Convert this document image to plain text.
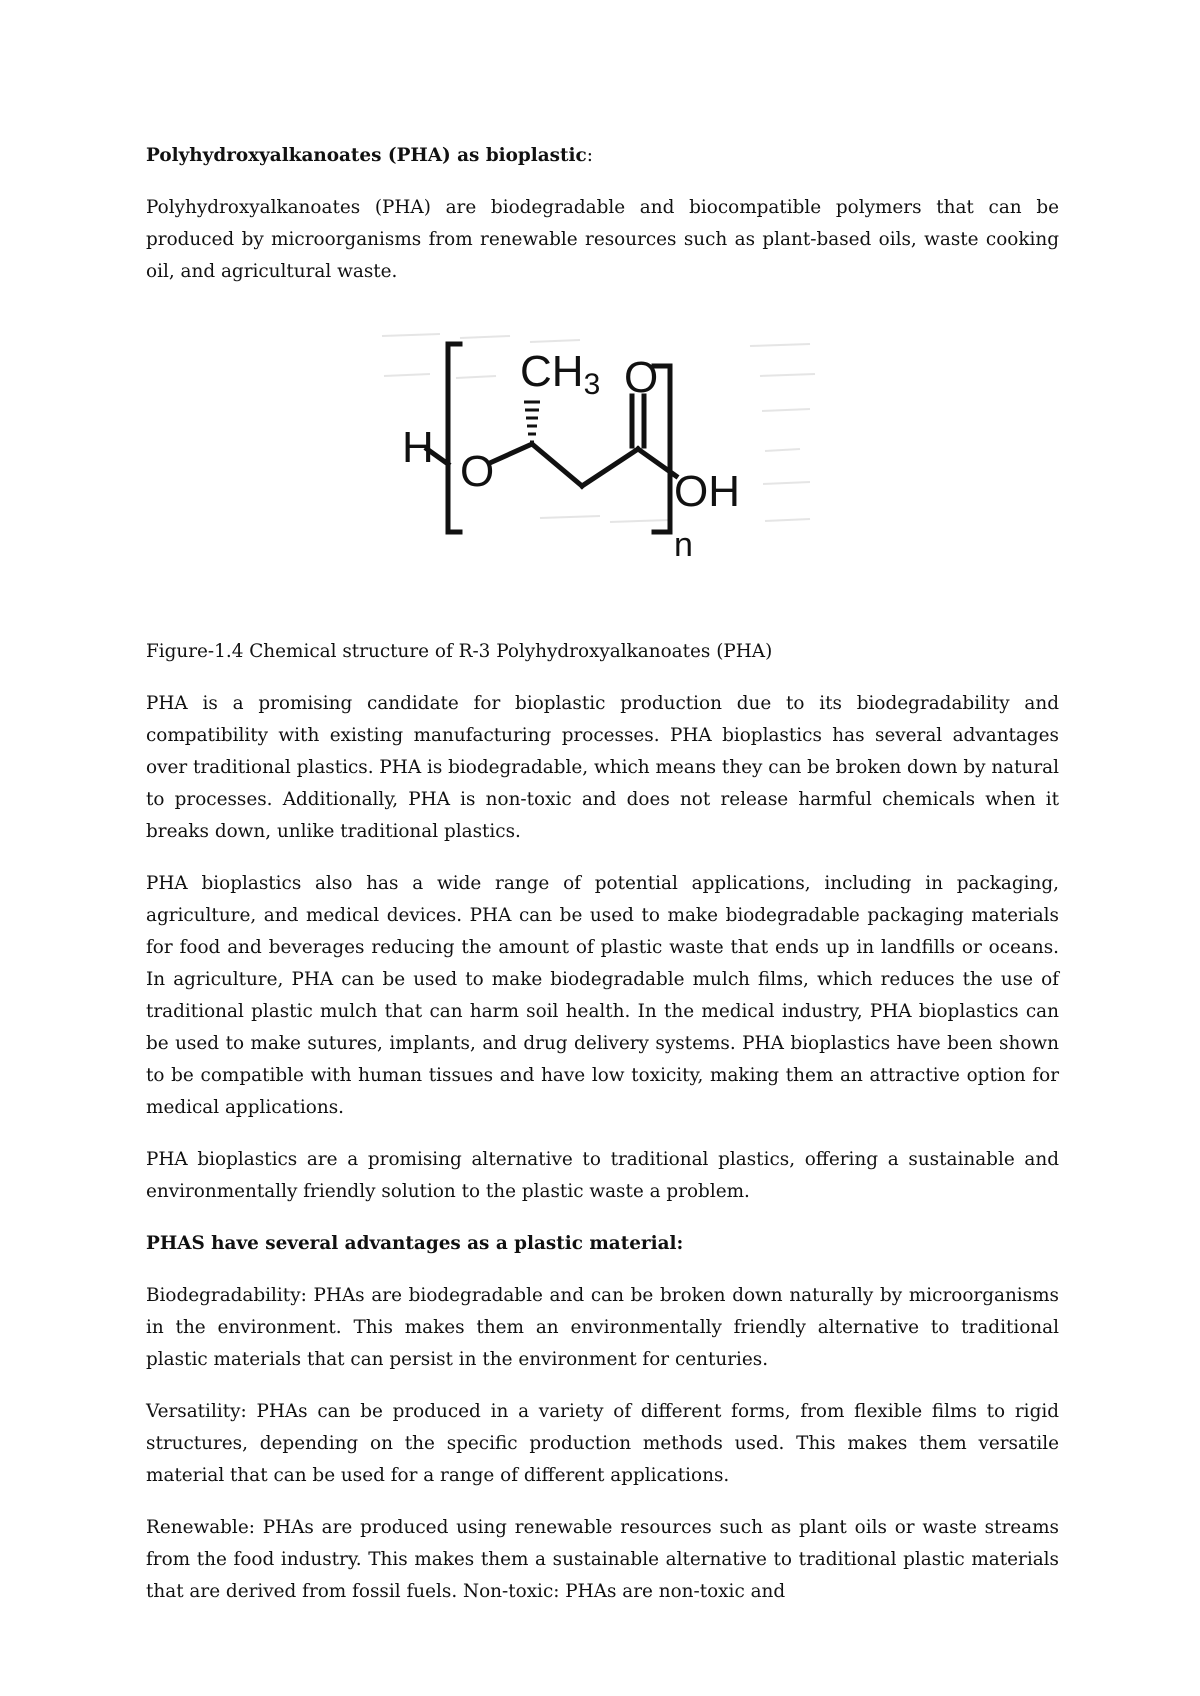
Polyhydroxyalkanoates (PHA) as bioplastic:

Polyhydroxyalkanoates (PHA) are biodegradable and biocompatible polymers that can be produced by microorganisms from renewable resources such as plant-based oils, waste cooking oil, and agricultural waste.

H O
CH3 O
OH
n

Figure-1.4 Chemical structure of R-3 Polyhydroxyalkanoates (PHA)

PHA is a promising candidate for bioplastic production due to its biodegradability and compatibility with existing manufacturing processes. PHA bioplastics has several advantages over traditional plastics. PHA is biodegradable, which means they can be broken down by natural to processes. Additionally, PHA is non-toxic and does not release harmful chemicals when it breaks down, unlike traditional plastics.

PHA bioplastics also has a wide range of potential applications, including in packaging, agriculture, and medical devices. PHA can be used to make biodegradable packaging materials for food and beverages reducing the amount of plastic waste that ends up in landfills or oceans. In agriculture, PHA can be used to make biodegradable mulch films, which reduces the use of traditional plastic mulch that can harm soil health. In the medical industry, PHA bioplastics can be used to make sutures, implants, and drug delivery systems. PHA bioplastics have been shown to be compatible with human tissues and have low toxicity, making them an attractive option for medical applications.

PHA bioplastics are a promising alternative to traditional plastics, offering a sustainable and environmentally friendly solution to the plastic waste a problem.

PHAS have several advantages as a plastic material:

Biodegradability: PHAs are biodegradable and can be broken down naturally by microorganisms in the environment. This makes them an environmentally friendly alternative to traditional plastic materials that can persist in the environment for centuries.

Versatility: PHAs can be produced in a variety of different forms, from flexible films to rigid structures, depending on the specific production methods used. This makes them versatile material that can be used for a range of different applications.

Renewable: PHAs are produced using renewable resources such as plant oils or waste streams from the food industry. This makes them a sustainable alternative to traditional plastic materials that are derived from fossil fuels. Non-toxic: PHAs are non-toxic and
